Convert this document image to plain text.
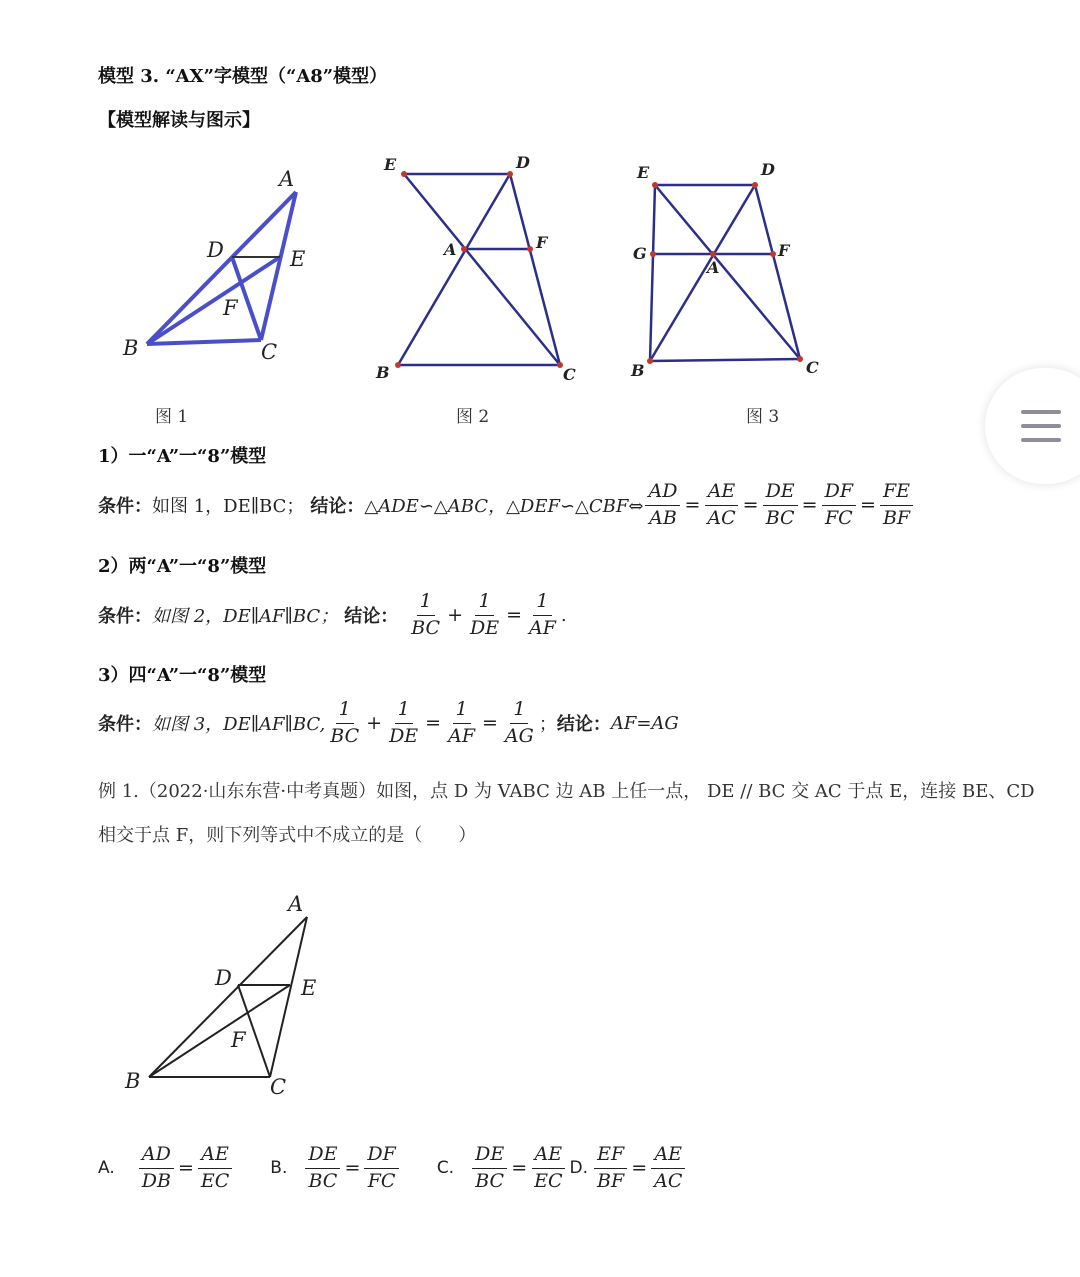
模型 3. “AX”字模型（“A8”模型）
【模型解读与图示】
A
B	C
D	E
F
图 1
E	D
A	F
B	C
图 2
E	D
G
A
F
B	C
图 3
1）一“A”一“8”模型
条件： 如图 1，DE∥BC； 结论： △ADE∽△ABC，△DEF∽△CBF⇔ $\frac{AD}{AB} = \frac{AE}{AC} = \frac{DE}{BC} = \frac{DF}{FC} = \frac{FE}{BF}$
2）两“A”一“8”模型
条件： 如图 2，DE∥AF∥BC； 结论： $\frac{1}{BC} + \frac{1}{DE} = \frac{1}{AF}$ .
3）四“A”一“8”模型
条件： 如图 3，DE∥AF∥BC, $\frac{1}{BC} + \frac{1}{DE} = \frac{1}{AF} = \frac{1}{AG}$ ； 结论： AF=AG
例 1.（2022·山东东营·中考真题）如图，点 D 为 VABC 边 AB 上任一点， DE // BC 交 AC 于点 E，连接 BE、CD
相交于点 F，则下列等式中不成立的是（　　）
A
B	C
D	E
F
A. $\frac{AD}{DB} = \frac{AE}{EC} B$. $\frac{DE}{BC} = \frac{DF}{FC} C$. $\frac{DE}{BC} = \frac{AE}{EC} D$. $\frac{EF}{BF} = \frac{AE}{AC}$
